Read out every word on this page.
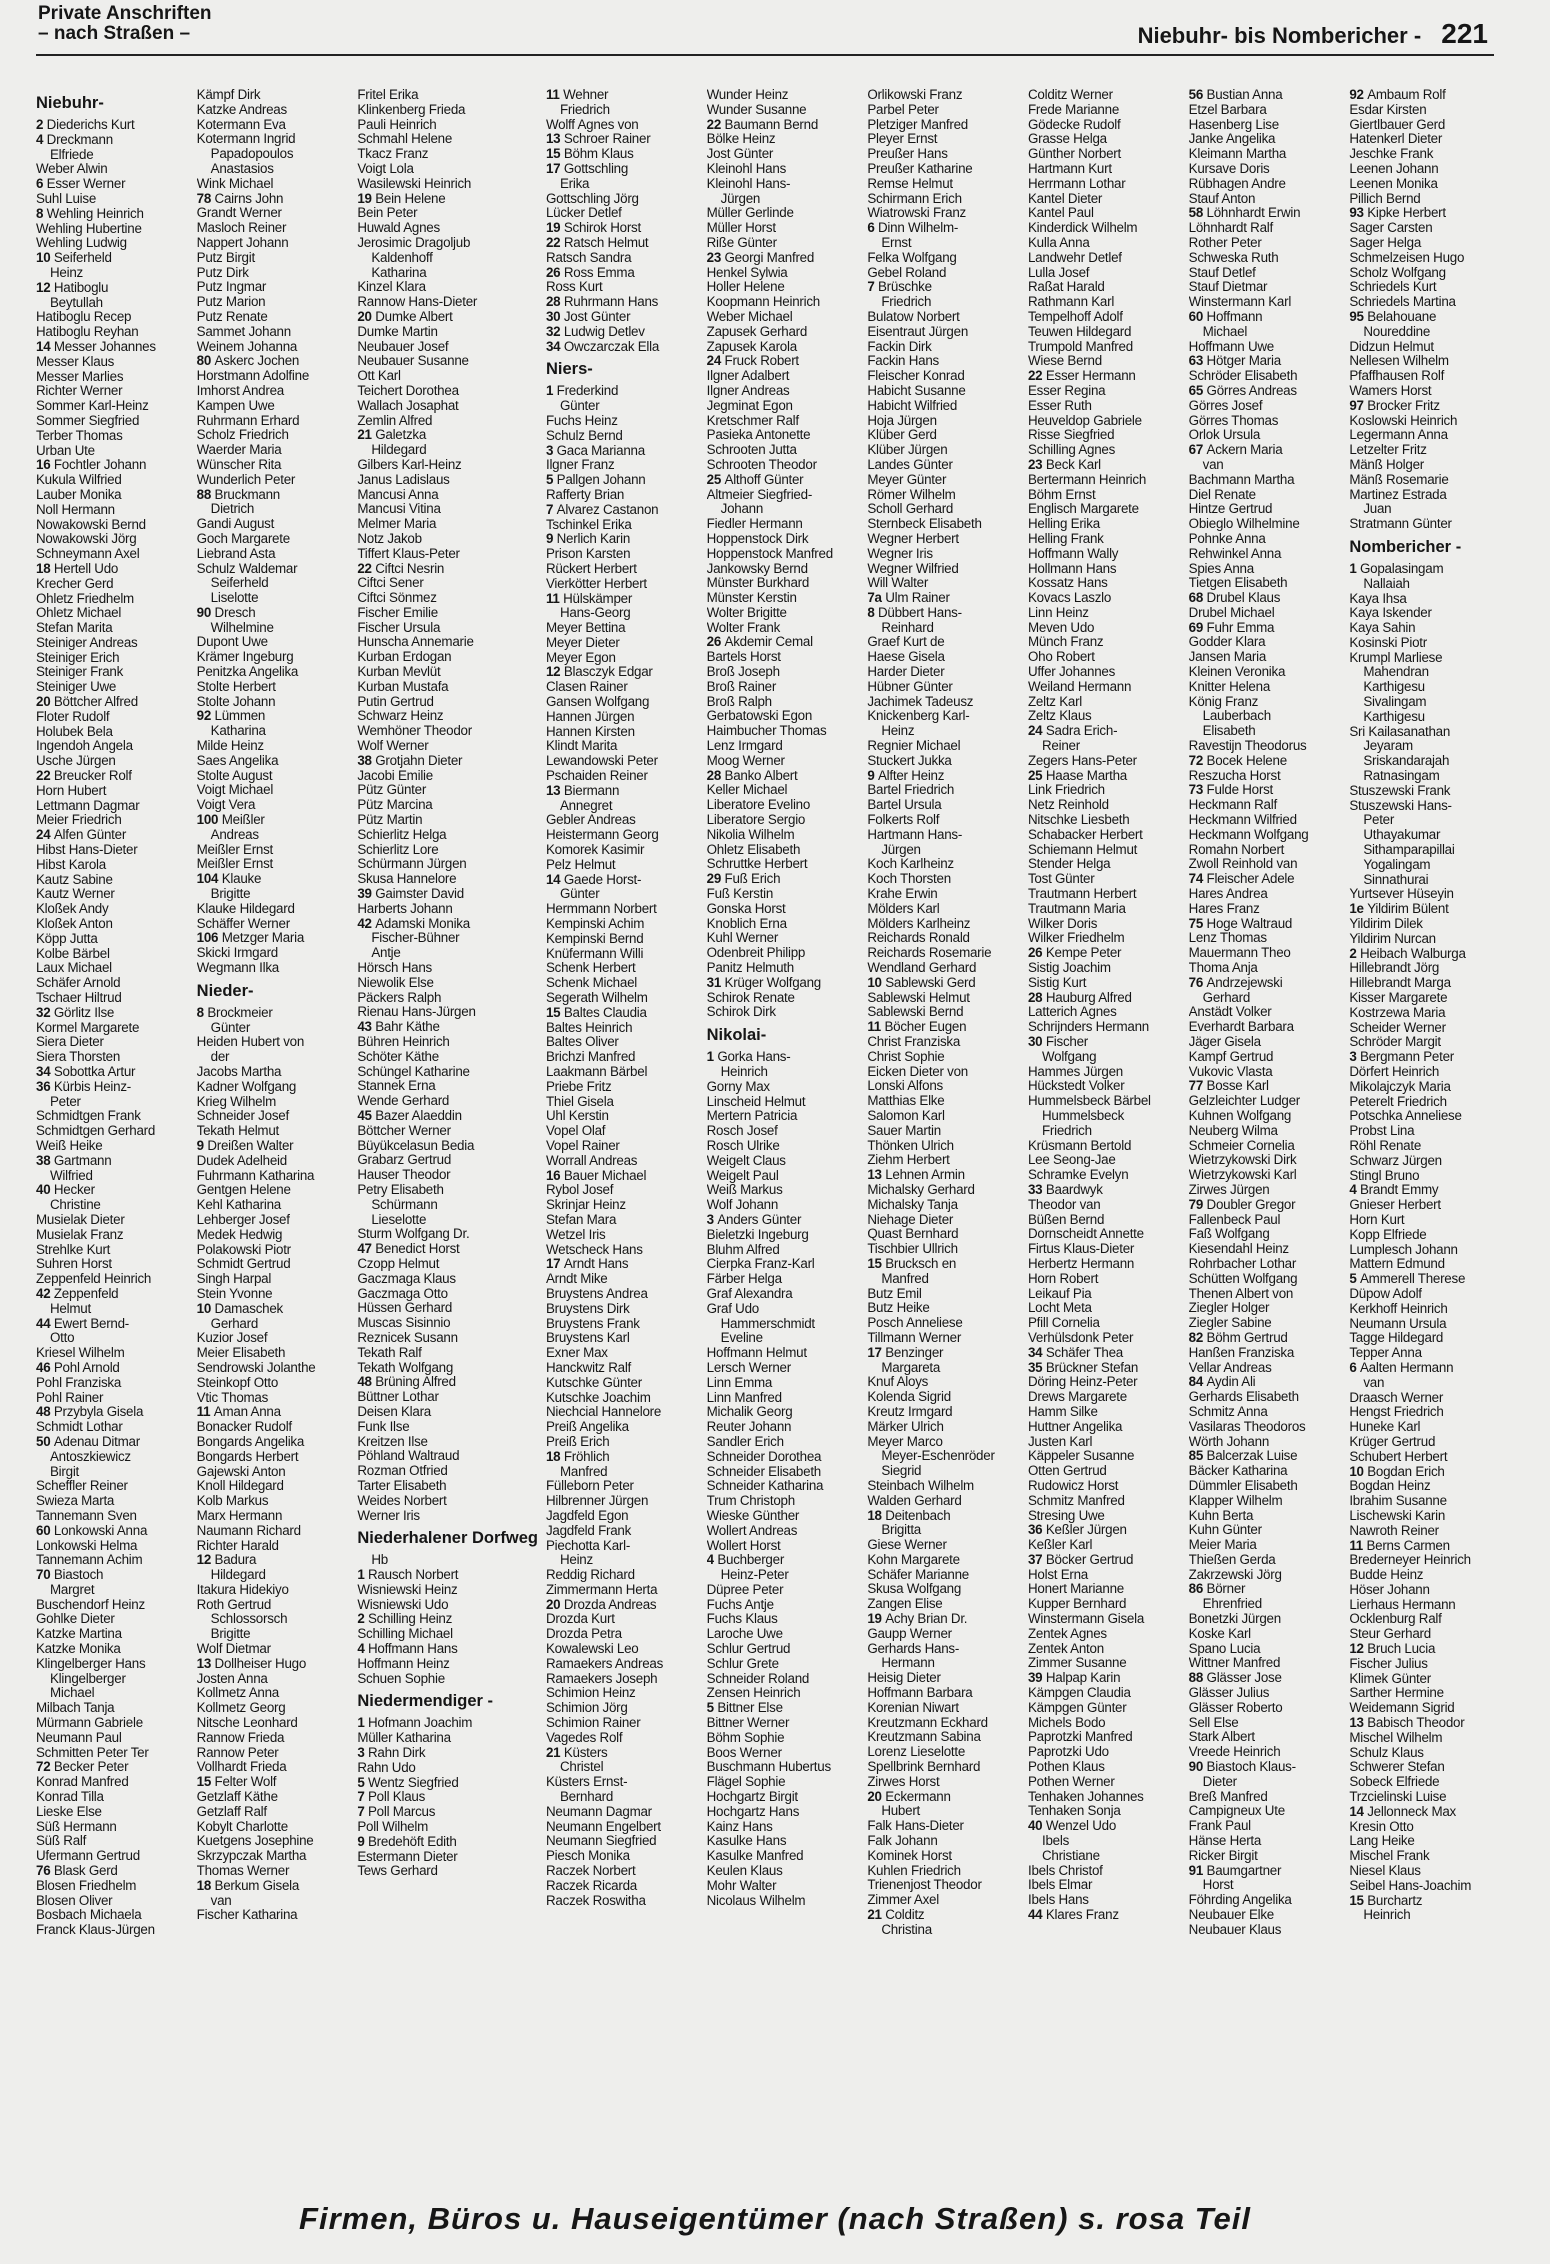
Private Anschriften
– nach Straßen –	Niebuhr- bis Nombericher - 221
Niebuhr-
2 Diederichs Kurt
4 Dreckmann
Elfriede
Weber Alwin
6 Esser Werner
Suhl Luise
8 Wehling Heinrich
Wehling Hubertine
Wehling Ludwig
10 Seiferheld
Heinz
12 Hatiboglu
Beytullah
Hatiboglu Recep
Hatiboglu Reyhan
14 Messer Johannes
Messer Klaus
Messer Marlies
Richter Werner
Sommer Karl-Heinz
Sommer Siegfried
Terber Thomas
Urban Ute
16 Fochtler Johann
Kukula Wilfried
Lauber Monika
Noll Hermann
Nowakowski Bernd
Nowakowski Jörg
Schneymann Axel
18 Hertell Udo
Krecher Gerd
Ohletz Friedhelm
Ohletz Michael
Stefan Marita
Steiniger Andreas
Steiniger Erich
Steiniger Frank
Steiniger Uwe
20 Böttcher Alfred
Floter Rudolf
Holubek Bela
Ingendoh Angela
Usche Jürgen
22 Breucker Rolf
Horn Hubert
Lettmann Dagmar
Meier Friedrich
24 Alfen Günter
Hibst Hans-Dieter
Hibst Karola
Kautz Sabine
Kautz Werner
Kloßek Andy
Kloßek Anton
Köpp Jutta
Kolbe Bärbel
Laux Michael
Schäfer Arnold
Tschaer Hiltrud
32 Görlitz Ilse
Kormel Margarete
Siera Dieter
Siera Thorsten
34 Sobottka Artur
36 Kürbis Heinz-
Peter
Schmidtgen Frank
Schmidtgen Gerhard
Weiß Heike
38 Gartmann
Wilfried
40 Hecker
Christine
Musielak Dieter
Musielak Franz
Strehlke Kurt
Suhren Horst
Zeppenfeld Heinrich
42 Zeppenfeld
Helmut
44 Ewert Bernd-
Otto
Kriesel Wilhelm
46 Pohl Arnold
Pohl Franziska
Pohl Rainer
48 Przybyla Gisela
Schmidt Lothar
50 Adenau Ditmar
Antoszkiewicz
Birgit
Scheffler Reiner
Swieza Marta
Tannemann Sven
60 Lonkowski Anna
Lonkowski Helma
Tannemann Achim
70 Biastoch
Margret
Buschendorf Heinz
Gohlke Dieter
Katzke Martina
Katzke Monika
Klingelberger Hans
Klingelberger
Michael
Milbach Tanja
Mürmann Gabriele
Neumann Paul
Schmitten Peter Ter
72 Becker Peter
Konrad Manfred
Konrad Tilla
Lieske Else
Süß Hermann
Süß Ralf
Ufermann Gertrud
76 Blask Gerd
Blosen Friedhelm
Blosen Oliver
Bosbach Michaela
Franck Klaus-Jürgen
Kämpf Dirk
Katzke Andreas
Kotermann Eva
Kotermann Ingrid
Papadopoulos
Anastasios
Wink Michael
78 Cairns John
Grandt Werner
Masloch Reiner
Nappert Johann
Putz Birgit
Putz Dirk
Putz Ingmar
Putz Marion
Putz Renate
Sammet Johann
Weinem Johanna
80 Askerc Jochen
Horstmann Adolfine
Imhorst Andrea
Kampen Uwe
Ruhrmann Erhard
Scholz Friedrich
Waerder Maria
Wünscher Rita
Wunderlich Peter
88 Bruckmann
Dietrich
Gandi August
Goch Margarete
Liebrand Asta
Schulz Waldemar
Seiferheld
Liselotte
90 Dresch
Wilhelmine
Dupont Uwe
Krämer Ingeburg
Penitzka Angelika
Stolte Herbert
Stolte Johann
92 Lümmen
Katharina
Milde Heinz
Saes Angelika
Stolte August
Voigt Michael
Voigt Vera
100 Meißler
Andreas
Meißler Ernst
Meißler Ernst
104 Klauke
Brigitte
Klauke Hildegard
Schäffer Werner
106 Metzger Maria
Skicki Irmgard
Wegmann Ilka
Nieder-
8 Brockmeier
Günter
Heiden Hubert von
der
Jacobs Martha
Kadner Wolfgang
Krieg Wilhelm
Schneider Josef
Tekath Helmut
9 Dreißen Walter
Dudek Adelheid
Fuhrmann Katharina
Gentgen Helene
Kehl Katharina
Lehberger Josef
Medek Hedwig
Polakowski Piotr
Schmidt Gertrud
Singh Harpal
Stein Yvonne
10 Damaschek
Gerhard
Kuzior Josef
Meier Elisabeth
Sendrowski Jolanthe
Steinkopf Otto
Vtic Thomas
11 Aman Anna
Bonacker Rudolf
Bongards Angelika
Bongards Herbert
Gajewski Anton
Knoll Hildegard
Kolb Markus
Marx Hermann
Naumann Richard
Richter Harald
12 Badura
Hildegard
Itakura Hidekiyo
Roth Gertrud
Schlossorsch
Brigitte
Wolf Dietmar
13 Dollheiser Hugo
Josten Anna
Kollmetz Anna
Kollmetz Georg
Nitsche Leonhard
Rannow Frieda
Rannow Peter
Vollhardt Frieda
15 Felter Wolf
Getzlaff Käthe
Getzlaff Ralf
Kobylt Charlotte
Kuetgens Josephine
Skrzypczak Martha
Thomas Werner
18 Berkum Gisela
van
Fischer Katharina
Fritel Erika
Klinkenberg Frieda
Pauli Heinrich
Schmahl Helene
Tkacz Franz
Voigt Lola
Wasilewski Heinrich
19 Bein Helene
Bein Peter
Huwald Agnes
Jerosimic Dragoljub
Kaldenhoff
Katharina
Kinzel Klara
Rannow Hans-Dieter
20 Dumke Albert
Dumke Martin
Neubauer Josef
Neubauer Susanne
Ott Karl
Teichert Dorothea
Wallach Josaphat
Zemlin Alfred
21 Galetzka
Hildegard
Gilbers Karl-Heinz
Janus Ladislaus
Mancusi Anna
Mancusi Vitina
Melmer Maria
Notz Jakob
Tiffert Klaus-Peter
22 Ciftci Nesrin
Ciftci Sener
Ciftci Sönmez
Fischer Emilie
Fischer Ursula
Hunscha Annemarie
Kurban Erdogan
Kurban Mevlüt
Kurban Mustafa
Putin Gertrud
Schwarz Heinz
Wemhöner Theodor
Wolf Werner
38 Grotjahn Dieter
Jacobi Emilie
Pütz Günter
Pütz Marcina
Pütz Martin
Schierlitz Helga
Schierlitz Lore
Schürmann Jürgen
Skusa Hannelore
39 Gaimster David
Harberts Johann
42 Adamski Monika
Fischer-Bühner
Antje
Hörsch Hans
Niewolik Else
Päckers Ralph
Rienau Hans-Jürgen
43 Bahr Käthe
Bühren Heinrich
Schöter Käthe
Schüngel Katharine
Stannek Erna
Wende Gerhard
45 Bazer Alaeddin
Böttcher Werner
Büyükcelasun Bedia
Grabarz Gertrud
Hauser Theodor
Petry Elisabeth
Schürmann
Lieselotte
Sturm Wolfgang Dr.
47 Benedict Horst
Czopp Helmut
Gaczmaga Klaus
Gaczmaga Otto
Hüssen Gerhard
Muscas Sisinnio
Reznicek Susann
Tekath Ralf
Tekath Wolfgang
48 Brüning Alfred
Büttner Lothar
Deisen Klara
Funk Ilse
Kreitzen Ilse
Pöhland Waltraud
Rozman Otfried
Tarter Elisabeth
Weides Norbert
Werner Iris
Niederhalener Dorfweg
Hb
1 Rausch Norbert
Wisniewski Heinz
Wisniewski Udo
2 Schilling Heinz
Schilling Michael
4 Hoffmann Hans
Hoffmann Heinz
Schuen Sophie
Niedermendiger -
1 Hofmann Joachim
Müller Katharina
3 Rahn Dirk
Rahn Udo
5 Wentz Siegfried
7 Poll Klaus
7 Poll Marcus
Poll Wilhelm
9 Bredehöft Edith
Estermann Dieter
Tews Gerhard
11 Wehner
Friedrich
Wolff Agnes von
13 Schroer Rainer
15 Böhm Klaus
17 Gottschling
Erika
Gottschling Jörg
Lücker Detlef
19 Schirok Horst
22 Ratsch Helmut
Ratsch Sandra
26 Ross Emma
Ross Kurt
28 Ruhrmann Hans
30 Jost Günter
32 Ludwig Detlev
34 Owczarczak Ella
Niers-
1 Frederkind
Günter
Fuchs Heinz
Schulz Bernd
3 Gaca Marianna
Ilgner Franz
5 Pallgen Johann
Rafferty Brian
7 Alvarez Castanon
Tschinkel Erika
9 Nerlich Karin
Prison Karsten
Rückert Herbert
Vierkötter Herbert
11 Hülskämper
Hans-Georg
Meyer Bettina
Meyer Dieter
Meyer Egon
12 Blasczyk Edgar
Clasen Rainer
Gansen Wolfgang
Hannen Jürgen
Hannen Kirsten
Klindt Marita
Lewandowski Peter
Pschaiden Reiner
13 Biermann
Annegret
Gebler Andreas
Heistermann Georg
Komorek Kasimir
Pelz Helmut
14 Gaede Horst-
Günter
Hermmann Norbert
Kempinski Achim
Kempinski Bernd
Knüfermann Willi
Schenk Herbert
Schenk Michael
Segerath Wilhelm
15 Baltes Claudia
Baltes Heinrich
Baltes Oliver
Brichzi Manfred
Laakmann Bärbel
Priebe Fritz
Thiel Gisela
Uhl Kerstin
Vopel Olaf
Vopel Rainer
Worrall Andreas
16 Bauer Michael
Rybol Josef
Skrinjar Heinz
Stefan Mara
Wetzel Iris
Wetscheck Hans
17 Arndt Hans
Arndt Mike
Bruystens Andrea
Bruystens Dirk
Bruystens Frank
Bruystens Karl
Exner Max
Hanckwitz Ralf
Kutschke Günter
Kutschke Joachim
Niechcial Hannelore
Preiß Angelika
Preiß Erich
18 Fröhlich
Manfred
Fülleborn Peter
Hilbrenner Jürgen
Jagdfeld Egon
Jagdfeld Frank
Piechotta Karl-
Heinz
Reddig Richard
Zimmermann Herta
20 Drozda Andreas
Drozda Kurt
Drozda Petra
Kowalewski Leo
Ramaekers Andreas
Ramaekers Joseph
Schimion Heinz
Schimion Jörg
Schimion Rainer
Vagedes Rolf
21 Küsters
Christel
Küsters Ernst-
Bernhard
Neumann Dagmar
Neumann Engelbert
Neumann Siegfried
Piesch Monika
Raczek Norbert
Raczek Ricarda
Raczek Roswitha
Wunder Heinz
Wunder Susanne
22 Baumann Bernd
Bölke Heinz
Jost Günter
Kleinohl Hans
Kleinohl Hans-
Jürgen
Müller Gerlinde
Müller Horst
Riße Günter
23 Georgi Manfred
Henkel Sylwia
Holler Helene
Koopmann Heinrich
Weber Michael
Zapusek Gerhard
Zapusek Karola
24 Fruck Robert
Ilgner Adalbert
Ilgner Andreas
Jegminat Egon
Kretschmer Ralf
Pasieka Antonette
Schrooten Jutta
Schrooten Theodor
25 Althoff Günter
Altmeier Siegfried-
Johann
Fiedler Hermann
Hoppenstock Dirk
Hoppenstock Manfred
Jankowsky Bernd
Münster Burkhard
Münster Kerstin
Wolter Brigitte
Wolter Frank
26 Akdemir Cemal
Bartels Horst
Broß Joseph
Broß Rainer
Broß Ralph
Gerbatowski Egon
Haimbucher Thomas
Lenz Irmgard
Moog Werner
28 Banko Albert
Keller Michael
Liberatore Evelino
Liberatore Sergio
Nikolia Wilhelm
Ohletz Elisabeth
Schruttke Herbert
29 Fuß Erich
Fuß Kerstin
Gonska Horst
Knoblich Erna
Kuhl Werner
Odenbreit Philipp
Panitz Helmuth
31 Krüger Wolfgang
Schirok Renate
Schirok Dirk
Nikolai-
1 Gorka Hans-
Heinrich
Gorny Max
Linscheid Helmut
Mertern Patricia
Rosch Josef
Rosch Ulrike
Weigelt Claus
Weigelt Paul
Weiß Markus
Wolf Johann
3 Anders Günter
Bieletzki Ingeburg
Bluhm Alfred
Cierpka Franz-Karl
Färber Helga
Graf Alexandra
Graf Udo
Hammerschmidt
Eveline
Hoffmann Helmut
Lersch Werner
Linn Emma
Linn Manfred
Michalik Georg
Reuter Johann
Sandler Erich
Schneider Dorothea
Schneider Elisabeth
Schneider Katharina
Trum Christoph
Wieske Günther
Wollert Andreas
Wollert Horst
4 Buchberger
Heinz-Peter
Düpree Peter
Fuchs Antje
Fuchs Klaus
Laroche Uwe
Schlur Gertrud
Schlur Grete
Schneider Roland
Zensen Heinrich
5 Bittner Else
Bittner Werner
Böhm Sophie
Boos Werner
Buschmann Hubertus
Flägel Sophie
Hochgartz Birgit
Hochgartz Hans
Kainz Hans
Kasulke Hans
Kasulke Manfred
Keulen Klaus
Mohr Walter
Nicolaus Wilhelm
Orlikowski Franz
Parbel Peter
Pletziger Manfred
Pleyer Ernst
Preußer Hans
Preußer Katharine
Remse Helmut
Schirmann Erich
Wiatrowski Franz
6 Dinn Wilhelm-
Ernst
Felka Wolfgang
Gebel Roland
7 Brüschke
Friedrich
Bulatow Norbert
Eisentraut Jürgen
Fackin Dirk
Fackin Hans
Fleischer Konrad
Habicht Susanne
Habicht Wilfried
Hoja Jürgen
Klüber Gerd
Klüber Jürgen
Landes Günter
Meyer Günter
Römer Wilhelm
Scholl Gerhard
Sternbeck Elisabeth
Wegner Herbert
Wegner Iris
Wegner Wilfried
Will Walter
7a Ulm Rainer
8 Dübbert Hans-
Reinhard
Graef Kurt de
Haese Gisela
Harder Dieter
Hübner Günter
Jachimek Tadeusz
Knickenberg Karl-
Heinz
Regnier Michael
Stuckert Jukka
9 Alfter Heinz
Bartel Friedrich
Bartel Ursula
Folkerts Rolf
Hartmann Hans-
Jürgen
Koch Karlheinz
Koch Thorsten
Krahe Erwin
Mölders Karl
Mölders Karlheinz
Reichards Ronald
Reichards Rosemarie
Wendland Gerhard
10 Sablewski Gerd
Sablewski Helmut
Sablewski Bernd
11 Böcher Eugen
Christ Franziska
Christ Sophie
Eicken Dieter von
Lonski Alfons
Matthias Elke
Salomon Karl
Sauer Martin
Thönken Ulrich
Ziehm Herbert
13 Lehnen Armin
Michalsky Gerhard
Michalsky Tanja
Niehage Dieter
Quast Bernhard
Tischbier Ullrich
15 Brucksch en
Manfred
Butz Emil
Butz Heike
Posch Anneliese
Tillmann Werner
17 Benzinger
Margareta
Knuf Aloys
Kolenda Sigrid
Kreutz Irmgard
Märker Ulrich
Meyer Marco
Meyer-Eschenröder
Siegrid
Steinbach Wilhelm
Walden Gerhard
18 Deitenbach
Brigitta
Giese Werner
Kohn Margarete
Schäfer Marianne
Skusa Wolfgang
Zangen Elise
19 Achy Brian Dr.
Gaupp Werner
Gerhards Hans-
Hermann
Heisig Dieter
Hoffmann Barbara
Korenian Niwart
Kreutzmann Eckhard
Kreutzmann Sabina
Lorenz Lieselotte
Spellbrink Bernhard
Zirwes Horst
20 Eckermann
Hubert
Falk Hans-Dieter
Falk Johann
Kominek Horst
Kuhlen Friedrich
Trienenjost Theodor
Zimmer Axel
21 Colditz
Christina
Colditz Werner
Frede Marianne
Gödecke Rudolf
Grasse Helga
Günther Norbert
Hartmann Kurt
Herrmann Lothar
Kantel Dieter
Kantel Paul
Kinderdick Wilhelm
Kulla Anna
Landwehr Detlef
Lulla Josef
Raßat Harald
Rathmann Karl
Tempelhoff Adolf
Teuwen Hildegard
Trumpold Manfred
Wiese Bernd
22 Esser Hermann
Esser Regina
Esser Ruth
Heuveldop Gabriele
Risse Siegfried
Schilling Agnes
23 Beck Karl
Bertermann Heinrich
Böhm Ernst
Englisch Margarete
Helling Erika
Helling Frank
Hoffmann Wally
Hollmann Hans
Kossatz Hans
Kovacs Laszlo
Linn Heinz
Meven Udo
Münch Franz
Oho Robert
Uffer Johannes
Weiland Hermann
Zeltz Karl
Zeltz Klaus
24 Sadra Erich-
Reiner
Zegers Hans-Peter
25 Haase Martha
Link Friedrich
Netz Reinhold
Nitschke Liesbeth
Schabacker Herbert
Schiemann Helmut
Stender Helga
Tost Günter
Trautmann Herbert
Trautmann Maria
Wilker Doris
Wilker Friedhelm
26 Kempe Peter
Sistig Joachim
Sistig Kurt
28 Hauburg Alfred
Latterich Agnes
Schrijnders Hermann
30 Fischer
Wolfgang
Hammes Jürgen
Hückstedt Volker
Hummelsbeck Bärbel
Hummelsbeck
Friedrich
Krüsmann Bertold
Lee Seong-Jae
Schramke Evelyn
33 Baardwyk
Theodor van
Büßen Bernd
Dornscheidt Annette
Firtus Klaus-Dieter
Herbertz Hermann
Horn Robert
Leikauf Pia
Locht Meta
Pfill Cornelia
Verhülsdonk Peter
34 Schäfer Thea
35 Brückner Stefan
Döring Heinz-Peter
Drews Margarete
Hamm Silke
Huttner Angelika
Justen Karl
Käppeler Susanne
Otten Gertrud
Rudowicz Horst
Schmitz Manfred
Stresing Uwe
36 Keßler Jürgen
Keßler Karl
37 Böcker Gertrud
Holst Erna
Honert Marianne
Kupper Bernhard
Winstermann Gisela
Zentek Agnes
Zentek Anton
Zimmer Susanne
39 Halpap Karin
Kämpgen Claudia
Kämpgen Günter
Michels Bodo
Paprotzki Manfred
Paprotzki Udo
Pothen Klaus
Pothen Werner
Tenhaken Johannes
Tenhaken Sonja
40 Wenzel Udo
Ibels
Christiane
Ibels Christof
Ibels Elmar
Ibels Hans
44 Klares Franz
56 Bustian Anna
Etzel Barbara
Hasenberg Lise
Janke Angelika
Kleimann Martha
Kursave Doris
Rübhagen Andre
Stauf Anton
58 Löhnhardt Erwin
Löhnhardt Ralf
Rother Peter
Schweska Ruth
Stauf Detlef
Stauf Dietmar
Winstermann Karl
60 Hoffmann
Michael
Hoffmann Uwe
63 Hötger Maria
Schröder Elisabeth
65 Görres Andreas
Görres Josef
Görres Thomas
Orlok Ursula
67 Ackern Maria
van
Bachmann Martha
Diel Renate
Hintze Gertrud
Obieglo Wilhelmine
Pohnke Anna
Rehwinkel Anna
Spies Anna
Tietgen Elisabeth
68 Drubel Klaus
Drubel Michael
69 Fuhr Emma
Godder Klara
Jansen Maria
Kleinen Veronika
Knitter Helena
König Franz
Lauberbach
Elisabeth
Ravestijn Theodorus
72 Bocek Helene
Reszucha Horst
73 Fulde Horst
Heckmann Ralf
Heckmann Wilfried
Heckmann Wolfgang
Romahn Norbert
Zwoll Reinhold van
74 Fleischer Adele
Hares Andrea
Hares Franz
75 Hoge Waltraud
Lenz Thomas
Mauermann Theo
Thoma Anja
76 Andrzejewski
Gerhard
Anstädt Volker
Everhardt Barbara
Jäger Gisela
Kampf Gertrud
Vukovic Vlasta
77 Bosse Karl
Gelzleichter Ludger
Kuhnen Wolfgang
Neuberg Wilma
Schmeier Cornelia
Wietrzykowski Dirk
Wietrzykowski Karl
Zirwes Jürgen
79 Doubler Gregor
Fallenbeck Paul
Faß Wolfgang
Kiesendahl Heinz
Rohrbacher Lothar
Schütten Wolfgang
Thenen Albert von
Ziegler Holger
Ziegler Sabine
82 Böhm Gertrud
Hanßen Franziska
Vellar Andreas
84 Aydin Ali
Gerhards Elisabeth
Schmitz Anna
Vasilaras Theodoros
Wörth Johann
85 Balcerzak Luise
Bäcker Katharina
Dümmler Elisabeth
Klapper Wilhelm
Kuhn Berta
Kuhn Günter
Meier Maria
Thießen Gerda
Zakrzewski Jörg
86 Börner
Ehrenfried
Bonetzki Jürgen
Koske Karl
Spano Lucia
Wittner Manfred
88 Glässer Jose
Glässer Julius
Glässer Roberto
Sell Else
Stark Albert
Vreede Heinrich
90 Biastoch Klaus-
Dieter
Breß Manfred
Campigneux Ute
Frank Paul
Hänse Herta
Ricker Birgit
91 Baumgartner
Horst
Föhrding Angelika
Neubauer Elke
Neubauer Klaus
92 Ambaum Rolf
Esdar Kirsten
Giertlbauer Gerd
Hatenkerl Dieter
Jeschke Frank
Leenen Johann
Leenen Monika
Pillich Bernd
93 Kipke Herbert
Sager Carsten
Sager Helga
Schmelzeisen Hugo
Scholz Wolfgang
Schriedels Kurt
Schriedels Martina
95 Belahouane
Noureddine
Didzun Helmut
Nellesen Wilhelm
Pfaffhausen Rolf
Wamers Horst
97 Brocker Fritz
Koslowski Heinrich
Legermann Anna
Letzelter Fritz
Mänß Holger
Mänß Rosemarie
Martinez Estrada
Juan
Stratmann Günter
Nombericher -
1 Gopalasingam
Nallaiah
Kaya Ihsa
Kaya Iskender
Kaya Sahin
Kosinski Piotr
Krumpl Marliese
Mahendran
Karthigesu
Sivalingam
Karthigesu
Sri Kailasanathan
Jeyaram
Sriskandarajah
Ratnasingam
Stuszewski Frank
Stuszewski Hans-
Peter
Uthayakumar
Sithamparapillai
Yogalingam
Sinnathurai
Yurtsever Hüseyin
1e Yildirim Bülent
Yildirim Dilek
Yildirim Nurcan
2 Heibach Walburga
Hillebrandt Jörg
Hillebrandt Marga
Kisser Margarete
Kostrzewa Maria
Scheider Werner
Schröder Margit
3 Bergmann Peter
Dörfert Heinrich
Mikolajczyk Maria
Peterelt Friedrich
Potschka Anneliese
Probst Lina
Röhl Renate
Schwarz Jürgen
Stingl Bruno
4 Brandt Emmy
Gnieser Herbert
Horn Kurt
Kopp Elfriede
Lumplesch Johann
Mattern Edmund
5 Ammerell Therese
Düpow Adolf
Kerkhoff Heinrich
Neumann Ursula
Tagge Hildegard
Tepper Anna
6 Aalten Hermann
van
Draasch Werner
Hengst Friedrich
Huneke Karl
Krüger Gertrud
Schubert Herbert
10 Bogdan Erich
Bogdan Heinz
Ibrahim Susanne
Lischewski Karin
Nawroth Reiner
11 Berns Carmen
Brederneyer Heinrich
Budde Heinz
Höser Johann
Lierhaus Hermann
Ocklenburg Ralf
Steur Gerhard
12 Bruch Lucia
Fischer Julius
Klimek Günter
Sarther Hermine
Weidemann Sigrid
13 Babisch Theodor
Mischel Wilhelm
Schulz Klaus
Schwerer Stefan
Sobeck Elfriede
Trzcielinski Luise
14 Jellonneck Max
Kresin Otto
Lang Heike
Mischel Frank
Niesel Klaus
Seibel Hans-Joachim
15 Burchartz
Heinrich
Firmen, Büros u. Hauseigentümer (nach Straßen) s. rosa Teil
